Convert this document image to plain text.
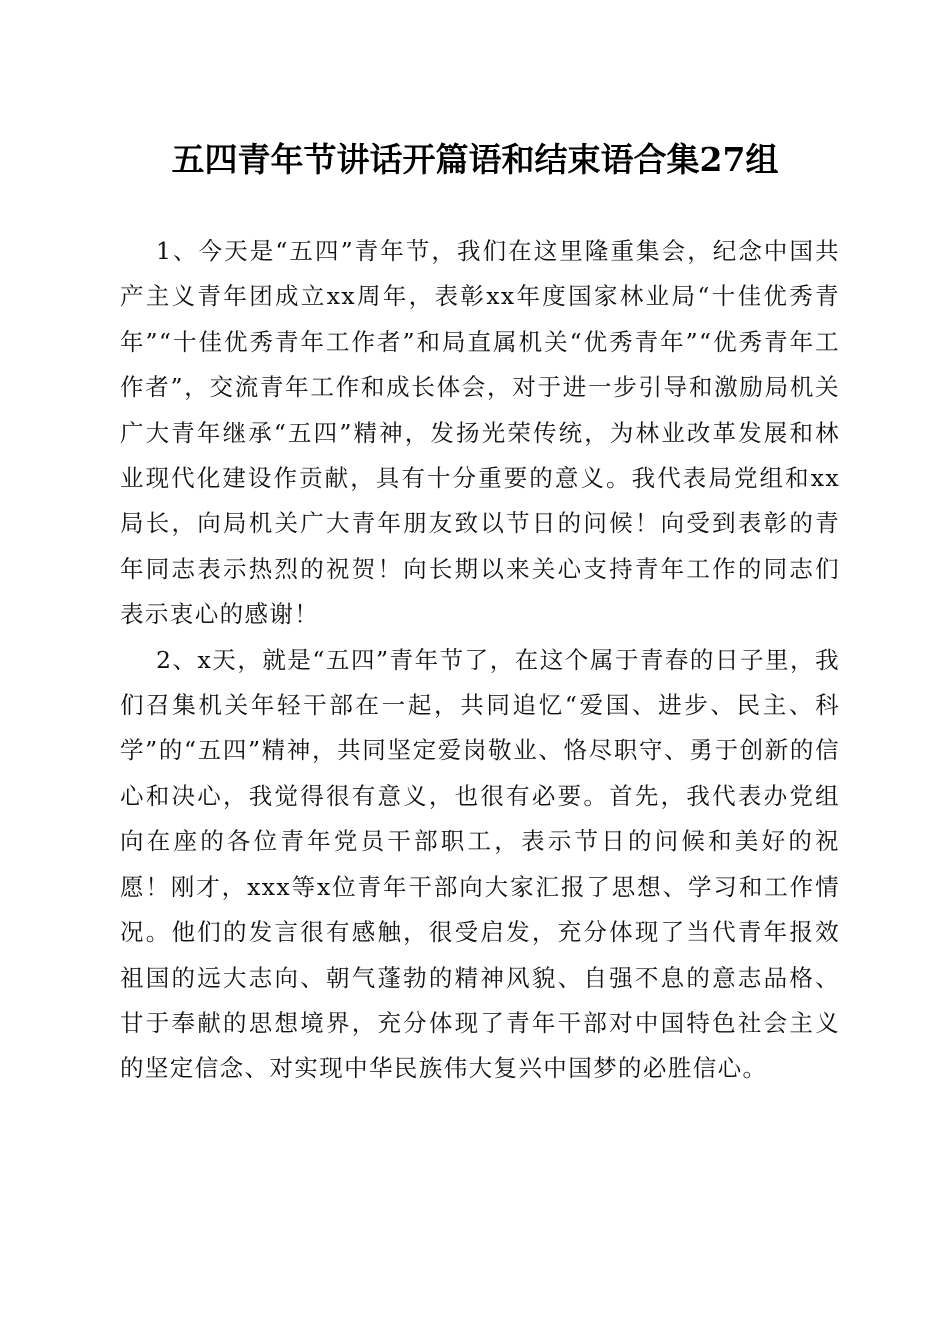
五四青年节讲话开篇语和结束语合集27组

1、今天是“五四”青年节，我们在这里隆重集会，纪念中国共产主义青年团成立xx周年，表彰xx年度国家林业局“十佳优秀青年”“十佳优秀青年工作者”和局直属机关“优秀青年”“优秀青年工作者”，交流青年工作和成长体会，对于进一步引导和激励局机关广大青年继承“五四”精神，发扬光荣传统，为林业改革发展和林业现代化建设作贡献，具有十分重要的意义。我代表局党组和xx局长，向局机关广大青年朋友致以节日的问候！向受到表彰的青年同志表示热烈的祝贺！向长期以来关心支持青年工作的同志们表示衷心的感谢！

2、x天，就是“五四”青年节了，在这个属于青春的日子里，我们召集机关年轻干部在一起，共同追忆“爱国、进步、民主、科学”的“五四”精神，共同坚定爱岗敬业、恪尽职守、勇于创新的信心和决心，我觉得很有意义，也很有必要。首先，我代表办党组向在座的各位青年党员干部职工，表示节日的问候和美好的祝愿！刚才，xxx等x位青年干部向大家汇报了思想、学习和工作情况。他们的发言很有感触，很受启发，充分体现了当代青年报效祖国的远大志向、朝气蓬勃的精神风貌、自强不息的意志品格、甘于奉献的思想境界，充分体现了青年干部对中国特色社会主义的坚定信念、对实现中华民族伟大复兴中国梦的必胜信心。
